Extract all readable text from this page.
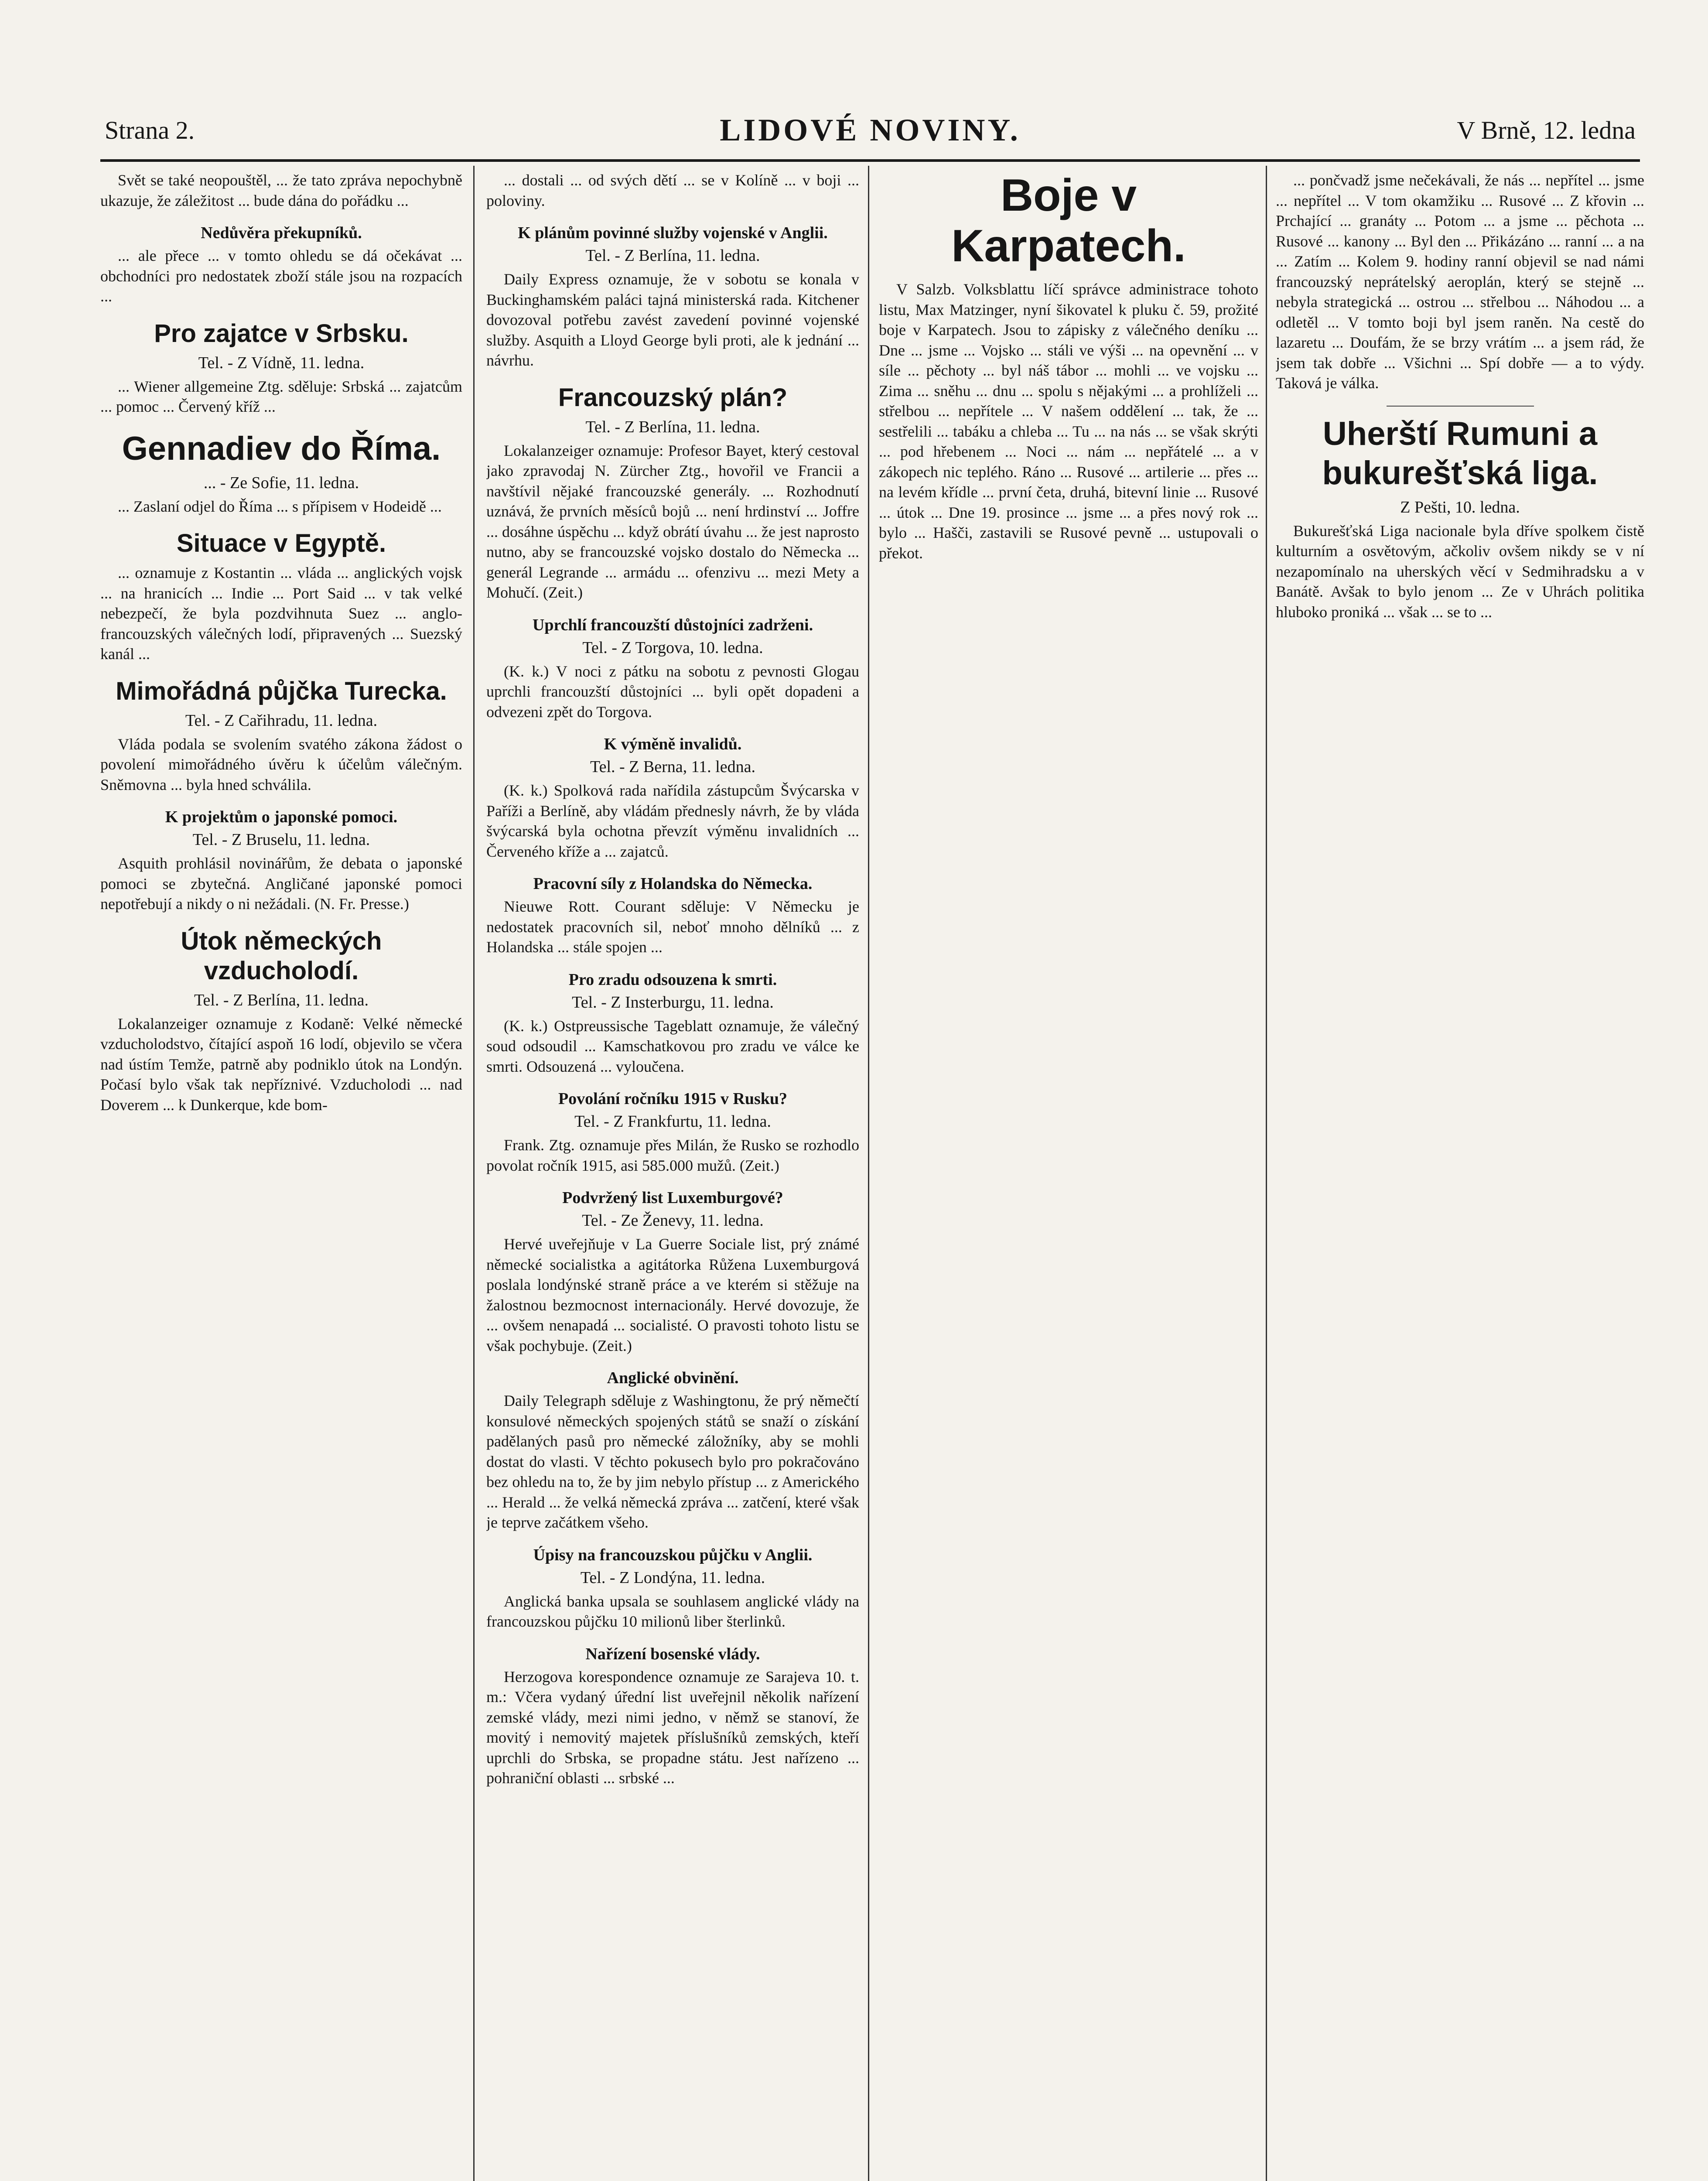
Strana 2.	LIDOVÉ NOVINY.	V Brně, 12. ledna

Svět se také neopouštěl, ... že tato zpráva nepochybně ukazuje, že záležitost ... bude dána do pořádku ...

Nedůvěra překupníků.

... ale přece ... v tomto ohledu se dá očekávat ... obchodníci pro nedostatek zboží stále jsou na rozpacích ...

Pro zajatce v Srbsku.
Tel. - Z Vídně, 11. ledna.

... Wiener allgemeine Ztg. sděluje: Srbská ... zajatcům ... pomoc ... Červený kříž ...

Gennadiev do Říma.
... - Ze Sofie, 11. ledna.

... Zaslaní odjel do Říma ... s přípisem v Hodeidě ...

Situace v Egyptě.

... oznamuje z Kostantin ... vláda ... anglických vojsk ... na hranicích ... Indie ... Port Said ... v tak velké nebezpečí, že byla pozdvihnuta Suez ... anglo-francouzských válečných lodí, připravených ... Suezský kanál ...

Mimořádná půjčka Turecka.
Tel. - Z Cařihradu, 11. ledna.

Vláda podala se svolením svatého zákona žádost o povolení mimořádného úvěru k účelům válečným. Sněmovna ... byla hned schválila.

K projektům o japonské pomoci.
Tel. - Z Bruselu, 11. ledna.

Asquith prohlásil novinářům, že debata o japonské pomoci se zbytečná. Angličané japonské pomoci nepotřebují a nikdy o ni nežádali. (N. Fr. Presse.)

Útok německých vzducholodí.
Tel. - Z Berlína, 11. ledna.

Lokalanzeiger oznamuje z Kodaně: Velké německé vzducholodstvo, čítající aspoň 16 lodí, objevilo se včera nad ústím Temže, patrně aby podniklo útok na Londýn. Počasí bylo však tak nepříznivé. Vzducholodi ... nad Doverem ... k Dunkerque, kde bom-

... dostali ... od svých dětí ... se v Kolíně ... v boji ... poloviny.

K plánům povinné služby vojenské v Anglii.
Tel. - Z Berlína, 11. ledna.

Daily Express oznamuje, že v sobotu se konala v Buckinghamském paláci tajná ministerská rada. Kitchener dovozoval potřebu zavést zavedení povinné vojenské služby. Asquith a Lloyd George byli proti, ale k jednání ... návrhu.

Francouzský plán?
Tel. - Z Berlína, 11. ledna.

Lokalanzeiger oznamuje: Profesor Bayet, který cestoval jako zpravodaj N. Zürcher Ztg., hovořil ve Francii a navštívil nějaké francouzské generály. ... Rozhodnutí uznává, že prvních měsíců bojů ... není hrdinství ... Joffre ... dosáhne úspěchu ... když obrátí úvahu ... že jest naprosto nutno, aby se francouzské vojsko dostalo do Německa ... generál Legrande ... armádu ... ofenzivu ... mezi Mety a Mohučí. (Zeit.)

Uprchlí francouzští důstojníci zadrženi.
Tel. - Z Torgova, 10. ledna.

(K. k.) V noci z pátku na sobotu z pevnosti Glogau uprchli francouzští důstojníci ... byli opět dopadeni a odvezeni zpět do Torgova.

K výměně invalidů.
Tel. - Z Berna, 11. ledna.

(K. k.) Spolková rada nařídila zástupcům Švýcarska v Paříži a Berlíně, aby vládám přednesly návrh, že by vláda švýcarská byla ochotna převzít výměnu invalidních ... Červeného kříže a ... zajatců.

Pracovní síly z Holandska do Německa.

Nieuwe Rott. Courant sděluje: V Německu je nedostatek pracovních sil, neboť mnoho dělníků ... z Holandska ... stále spojen ...

Pro zradu odsouzena k smrti.
Tel. - Z Insterburgu, 11. ledna.

(K. k.) Ostpreussische Tageblatt oznamuje, že válečný soud odsoudil ... Kamschatkovou pro zradu ve válce ke smrti. Odsouzená ... vyloučena.

Povolání ročníku 1915 v Rusku?
Tel. - Z Frankfurtu, 11. ledna.

Frank. Ztg. oznamuje přes Milán, že Rusko se rozhodlo povolat ročník 1915, asi 585.000 mužů. (Zeit.)

Podvržený list Luxemburgové?
Tel. - Ze Ženevy, 11. ledna.

Hervé uveřejňuje v La Guerre Sociale list, prý známé německé socialistka a agitátorka Růžena Luxemburgová poslala londýnské straně práce a ve kterém si stěžuje na žalostnou bezmocnost internacionály. Hervé dovozuje, že ... ovšem nenapadá ... socialisté. O pravosti tohoto listu se však pochybuje. (Zeit.)

Anglické obvinění.

Daily Telegraph sděluje z Washingtonu, že prý němečtí konsulové německých spojených států se snaží o získání padělaných pasů pro německé záložníky, aby se mohli dostat do vlasti. V těchto pokusech bylo pro pokračováno bez ohledu na to, že by jim nebylo přístup ... z Amerického ... Herald ... že velká německá zpráva ... zatčení, které však je teprve začátkem všeho.

Úpisy na francouzskou půjčku v Anglii.
Tel. - Z Londýna, 11. ledna.

Anglická banka upsala se souhlasem anglické vlády na francouzskou půjčku 10 milionů liber šterlinků.

Nařízení bosenské vlády.

Herzogova korespondence oznamuje ze Sarajeva 10. t. m.: Včera vydaný úřední list uveřejnil několik nařízení zemské vlády, mezi nimi jedno, v němž se stanoví, že movitý i nemovitý majetek příslušníků zemských, kteří uprchli do Srbska, se propadne státu. Jest nařízeno ... pohraniční oblasti ... srbské ...

Boje v Karpatech.

V Salzb. Volksblattu líčí správce administrace tohoto listu, Max Matzinger, nyní šikovatel k pluku č. 59, prožité boje v Karpatech. Jsou to zápisky z válečného deníku ... Dne ... jsme ... Vojsko ... stáli ve výši ... na opevnění ... v síle ... pěchoty ... byl náš tábor ... mohli ... ve vojsku ... Zima ... sněhu ... dnu ... spolu s nějakými ... a prohlíželi ... střelbou ... nepřítele ... V našem oddělení ... tak, že ... sestřelili ... tabáku a chleba ... Tu ... na nás ... se však skrýti ... pod hřebenem ... Noci ... nám ... nepřátelé ... a v zákopech nic teplého. Ráno ... Rusové ... artilerie ... přes ... na levém křídle ... první četa, druhá, bitevní linie ... Rusové ... útok ... Dne 19. prosince ... jsme ... a přes nový rok ... bylo ... Hašči, zastavili se Rusové pevně ... ustupovali o překot.

... pončvadž jsme nečekávali, že nás ... nepřítel ... jsme ... nepřítel ... V tom okamžiku ... Rusové ... Z křovin ... Prchající ... granáty ... Potom ... a jsme ... pěchota ... Rusové ... kanony ... Byl den ... Přikázáno ... ranní ... a na ... Zatím ... Kolem 9. hodiny ranní objevil se nad námi francouzský neprátelský aeroplán, který se stejně ... nebyla strategická ... ostrou ... střelbou ... Náhodou ... a odletěl ... V tomto boji byl jsem raněn. Na cestě do lazaretu ... Doufám, že se brzy vrátím ... a jsem rád, že jsem tak dobře ... Všichni ... Spí dobře — a to výdy. Taková je válka.

Uherští Rumuni a bukurešťská liga.
Z Pešti, 10. ledna.

Bukurešťská Liga nacionale byla dříve spolkem čistě kulturním a osvětovým, ačkoliv ovšem nikdy se v ní nezapomínalo na uherských věcí v Sedmihradsku a v Banátě. Avšak to bylo jenom ... Ze v Uhrách politika hluboko proniká ... však ... se to ...
